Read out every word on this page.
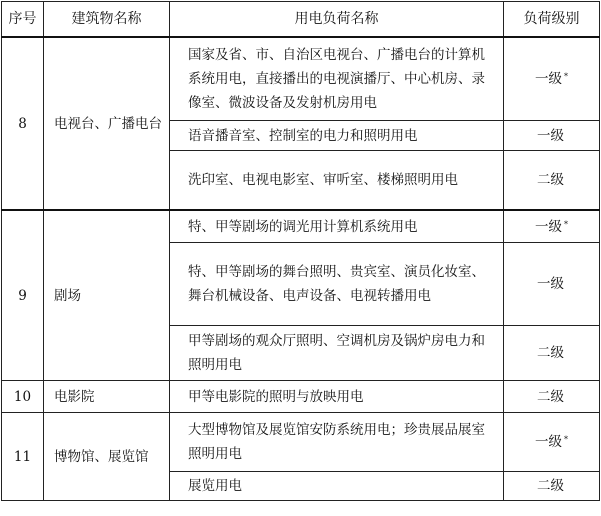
序号	建筑物名称	用电负荷名称	负荷级别
8	电视台、广播电台	国家及省、市、自治区电视台、广播电台的计算机系统用电，直接播出的电视演播厅、中心机房、录像室、微波设备及发射机房用电	一级 *
		语音播音室、控制室的电力和照明用电	一级
		洗印室、电视电影室、审听室、楼梯照明用电	二级
9	剧场	特、甲等剧场的调光用计算机系统用电	一级 *
		特、甲等剧场的舞台照明、贵宾室、演员化妆室、舞台机械设备、电声设备、电视转播用电	一级
		甲等剧场的观众厅照明、空调机房及锅炉房电力和照明用电	二级
10	电影院	甲等电影院的照明与放映用电	二级
11	博物馆、展览馆	大型博物馆及展览馆安防系统用电；珍贵展品展室照明用电	一级 *
		展览用电	二级
